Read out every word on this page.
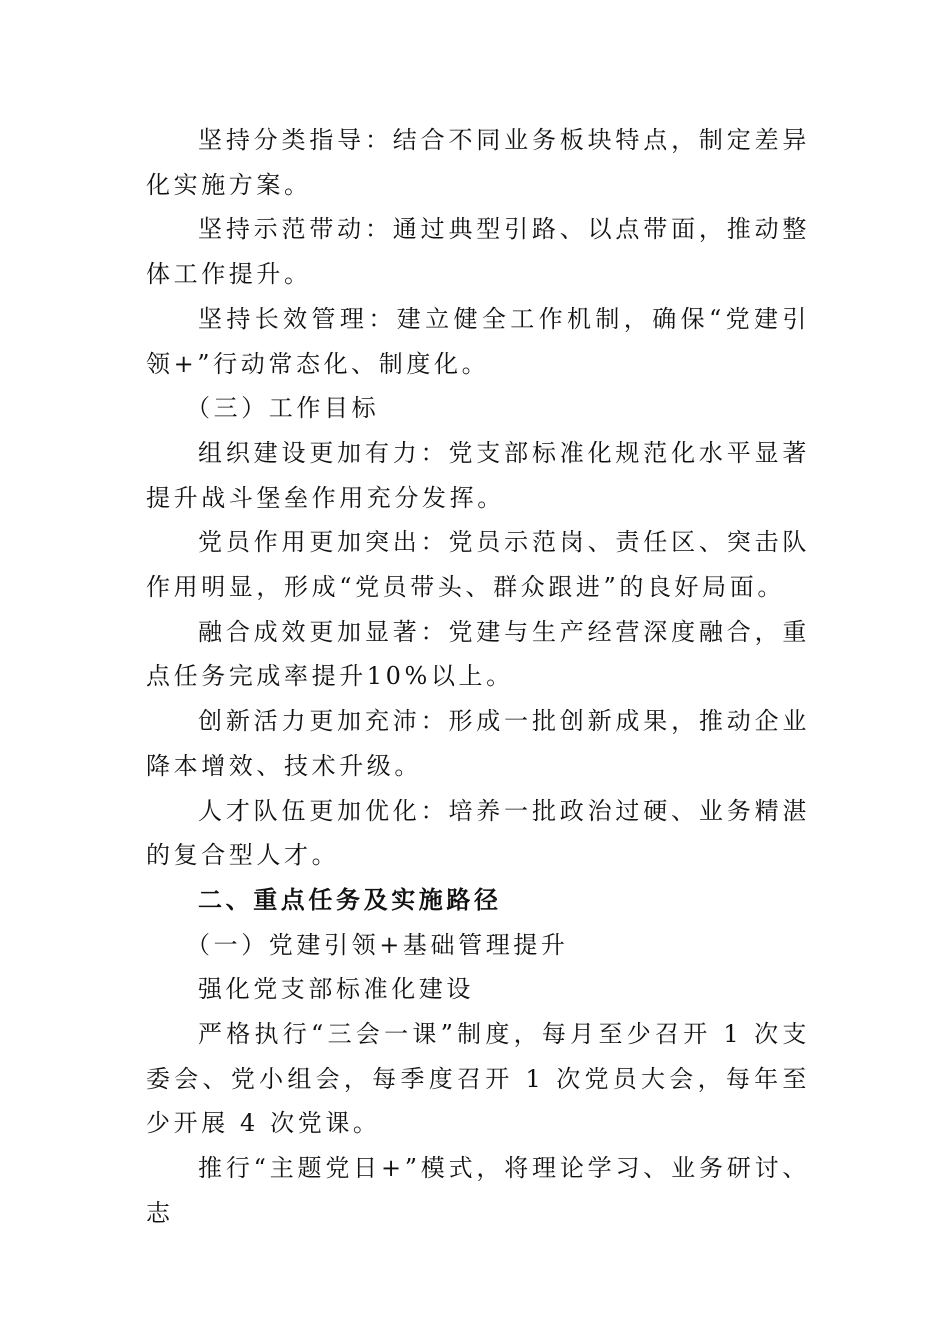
坚持分类指导：结合不同业务板块特点，制定差异化实施方案。

坚持示范带动：通过典型引路、以点带面，推动整体工作提升。

坚持长效管理：建立健全工作机制，确保“党建引领+”行动常态化、制度化。

（三）工作目标

组织建设更加有力：党支部标准化规范化水平显著提升战斗堡垒作用充分发挥。

党员作用更加突出：党员示范岗、责任区、突击队作用明显，形成“党员带头、群众跟进”的良好局面。

融合成效更加显著：党建与生产经营深度融合，重点任务完成率提升10%以上。

创新活力更加充沛：形成一批创新成果，推动企业降本增效、技术升级。

人才队伍更加优化：培养一批政治过硬、业务精湛的复合型人才。

二、重点任务及实施路径

（一）党建引领+基础管理提升

强化党支部标准化建设

严格执行“三会一课”制度，每月至少召开 1 次支委会、党小组会，每季度召开 1 次党员大会，每年至少开展 4 次党课。

推行“主题党日+”模式，将理论学习、业务研讨、志
